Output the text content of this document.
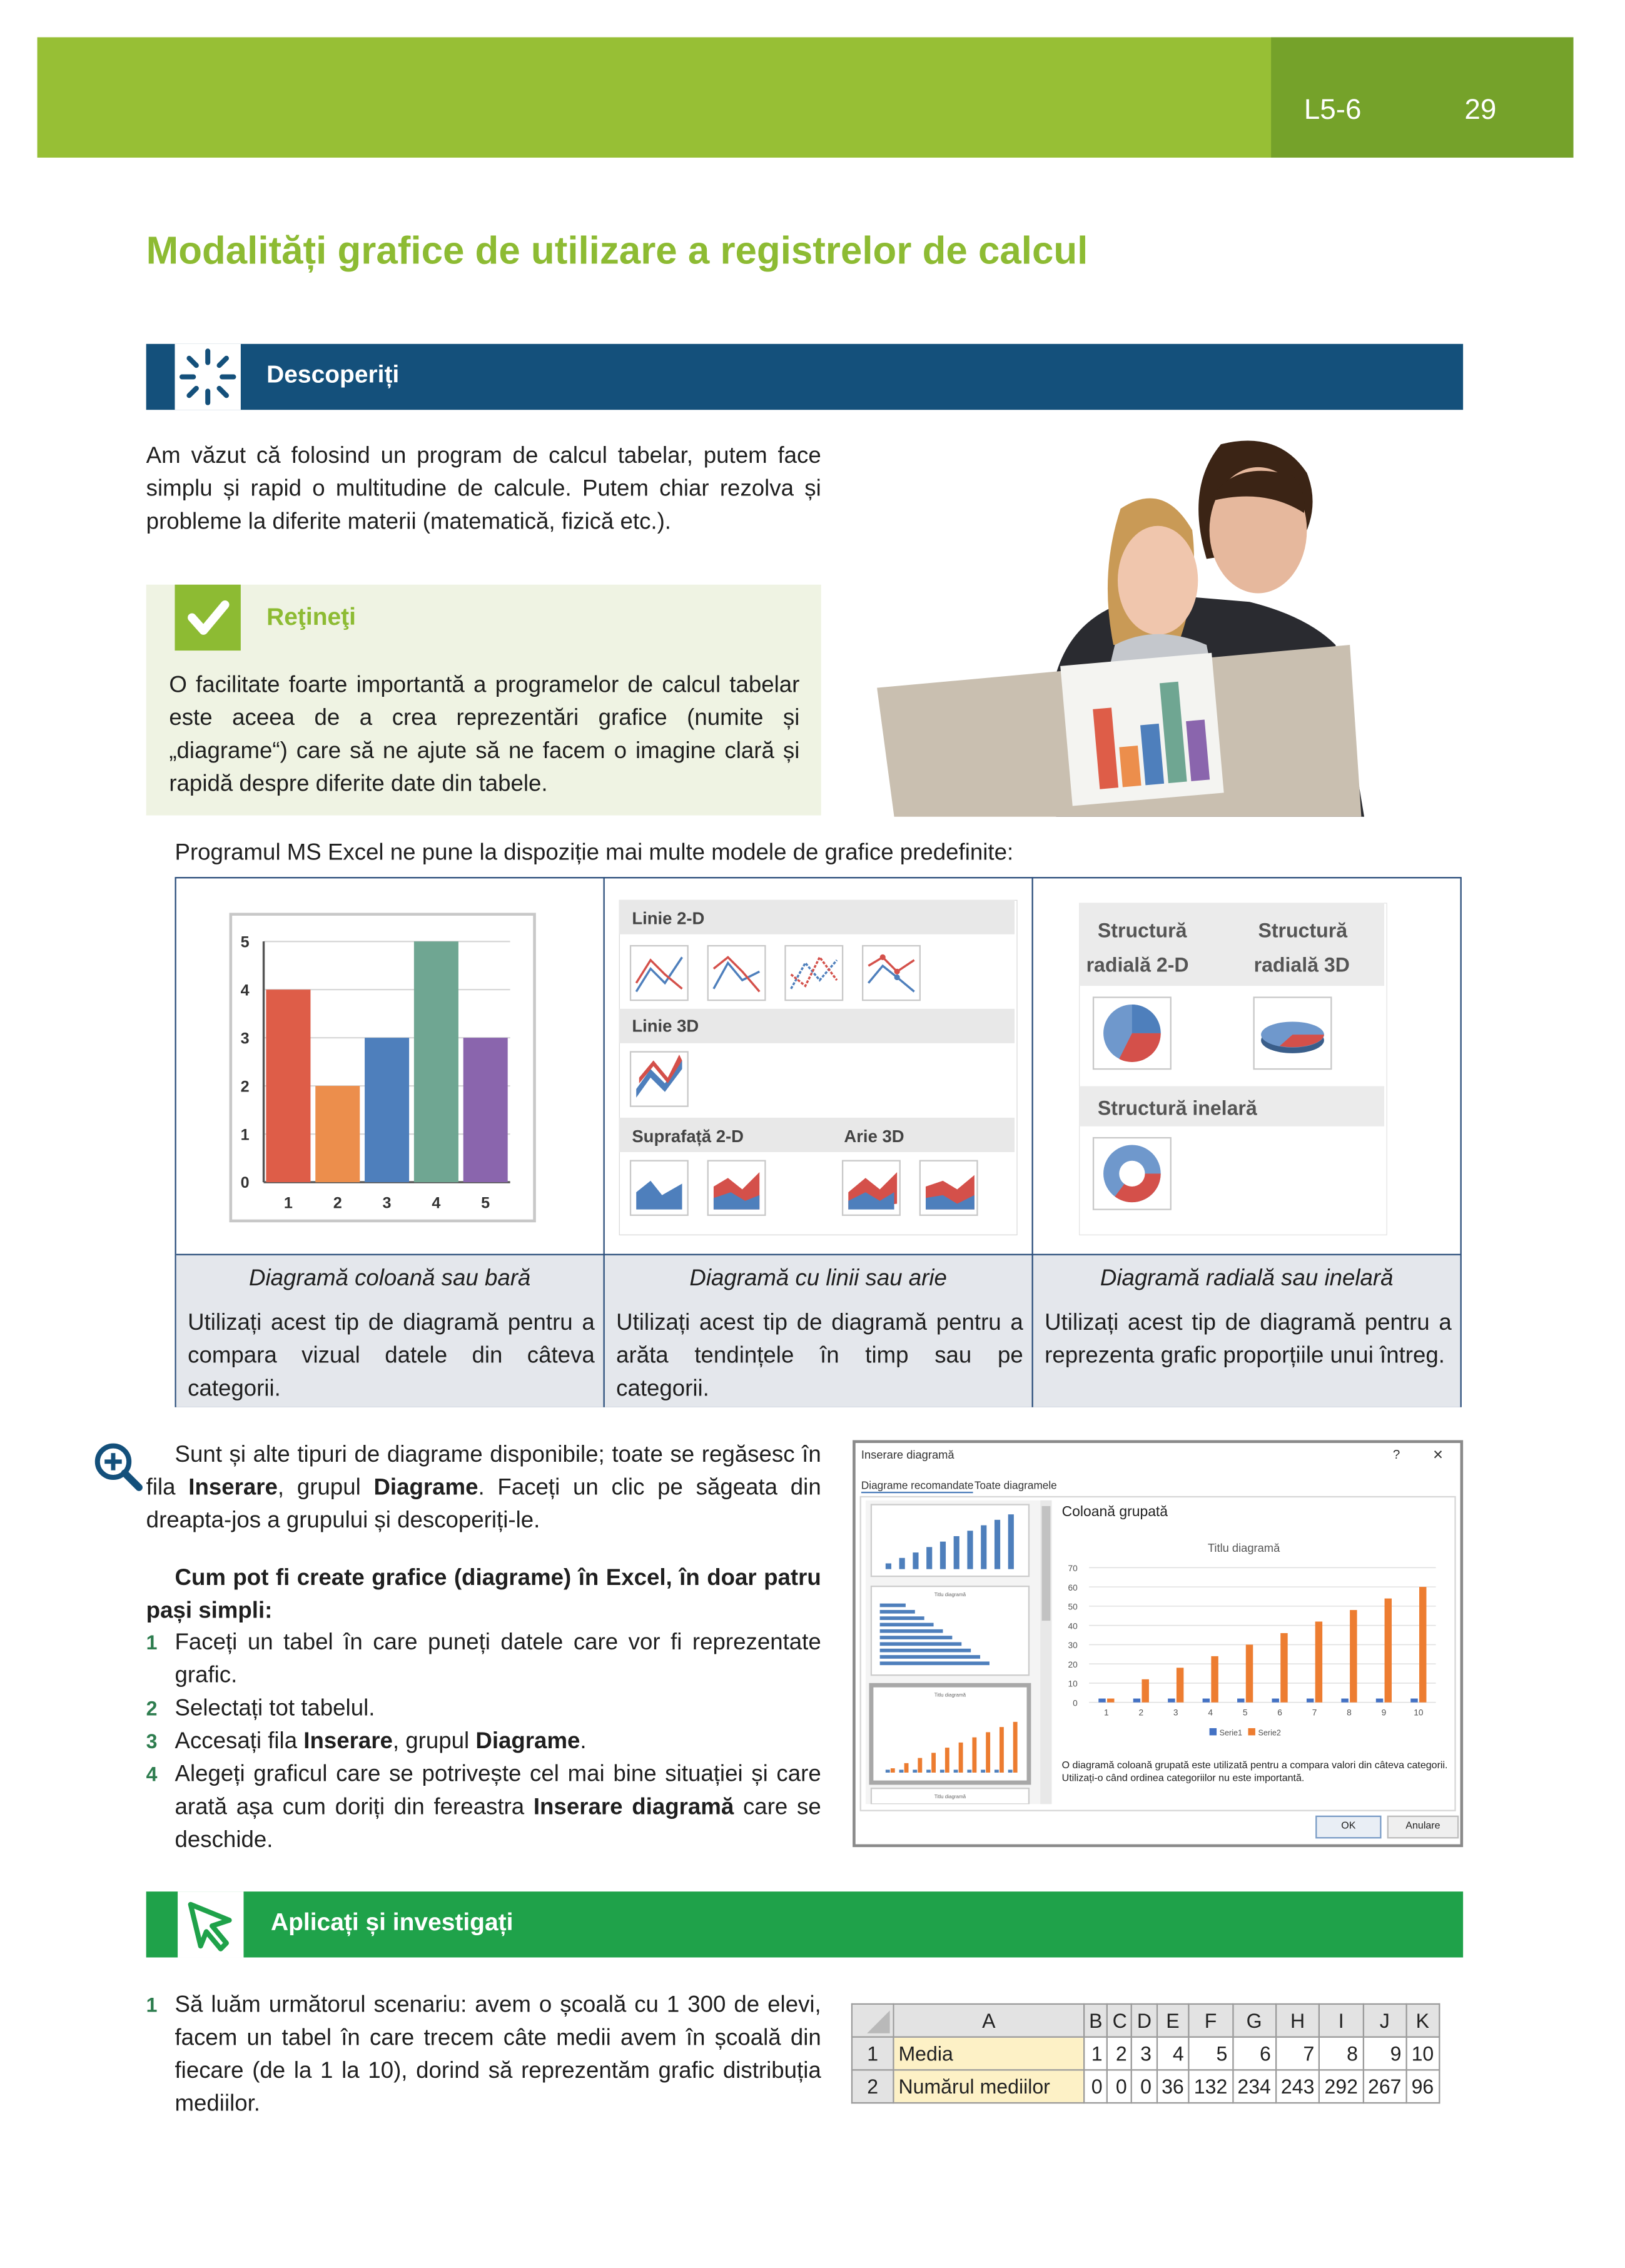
L5-6	29
Modalități grafice de utilizare a registrelor de calcul
Descoperiți
Am văzut că folosind un program de calcul tabelar, putem face simplu și rapid o multitudine de calcule. Putem chiar rezolva și probleme la diferite materii (matematică, fizică etc.).
Reţineţi
O facilitate foarte importantă a programelor de calcul tabelar este aceea de a crea reprezentări grafice (numite și „diagrame“) care să ne ajute să ne facem o imagine clară și rapidă despre diferite date din tabele.
Programul MS Excel ne pune la dispoziție mai multe modele de grafice predefinite:
0
1
2
3
4
5
1	2	3	4	5
Linie 2-D
Linie 3D
Suprafață 2-D	Arie 3D
Structură
radială 2-D
Structură
radială 3D
Structură inelară
Diagramă coloană sau bară
Utilizați acest tip de diagramă pentru a compara vizual datele din câteva categorii.
Diagramă cu linii sau arie
Utilizați acest tip de diagramă pentru a arăta tendințele în timp sau pe categorii.
Diagramă radială sau inelară
Utilizați acest tip de diagramă pentru a reprezenta grafic proporțiile unui întreg.
Sunt și alte tipuri de diagrame disponibile; toate se regăsesc în fila Inserare, grupul Diagrame. Faceți un clic pe săgeata din dreapta-jos a grupului și descoperiți-le.
Cum pot fi create grafice (diagrame) în Excel, în doar patru pași simpli:
1 Faceți un tabel în care puneți datele care vor fi reprezentate grafic.
2 Selectați tot tabelul.
3 Accesați fila Inserare, grupul Diagrame.
4 Alegeți graficul care se potrivește cel mai bine situației și care arată așa cum doriți din fereastra Inserare diagramă care se deschide.
Inserare diagramă	?	×
Diagrame recomandate Toate diagramele
Titlu diagramă
Titlu diagramă
Titlu diagramă
Coloană grupată
Titlu diagramă
0
10
20
30
40
50
60
70
1	2	3	4	5	6	7	8	9	10
Serie1	Serie2
O diagramă coloană grupată este utilizată pentru a compara valori din câteva categorii. Utilizați-o când ordinea categoriilor nu este importantă.
OK	Anulare
Aplicați și investigați
1	Să luăm următorul scenariu: avem o școală cu 1 300 de elevi, facem un tabel în care trecem câte medii avem în școală din fiecare (de la 1 la 10), dorind să reprezentăm grafic distribuția mediilor.
	A	B	C	D	E	F	G	H	I	J	K
1	Media	1	2	3	4	5	6	7	8	9	10
2	Numărul mediilor	0	0	0	36	132	234	243	292	267	96
